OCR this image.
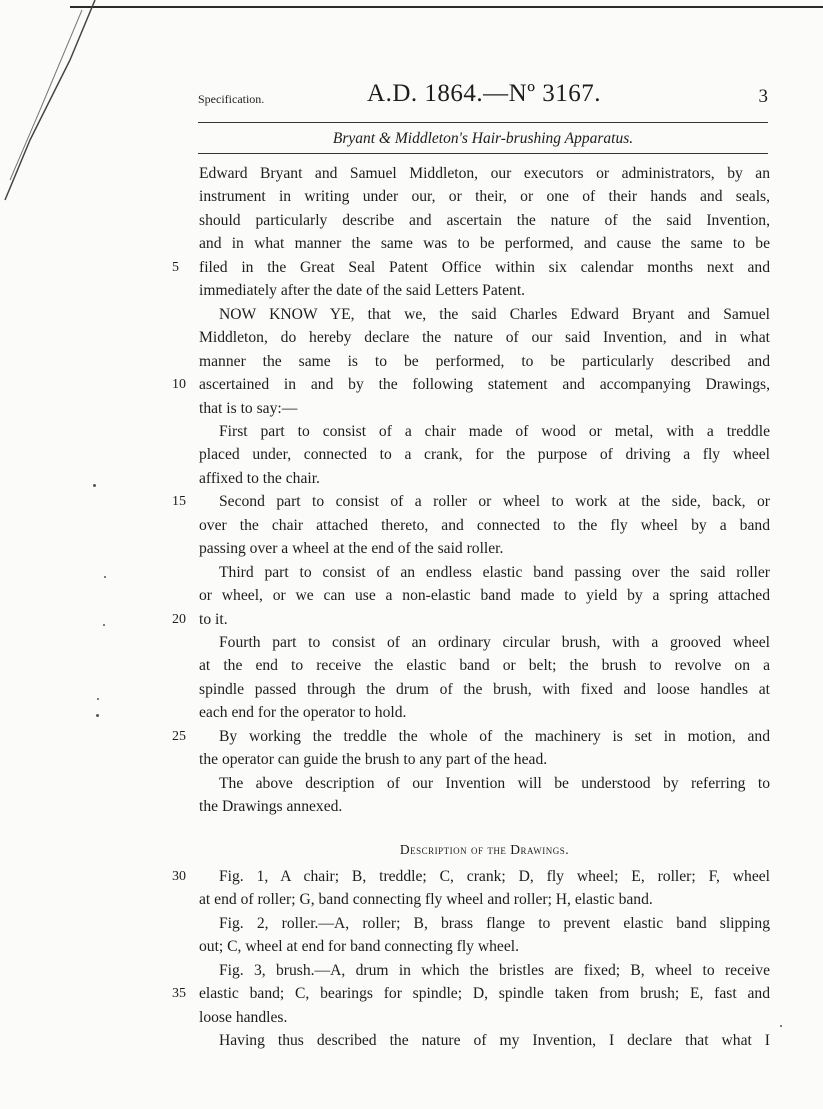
Specification.	A.D. 1864.—Nº 3167.	3
Bryant & Middleton's Hair-brushing Apparatus.
Edward Bryant and Samuel Middleton, our executors or administrators, by an
instrument in writing under our, or their, or one of their hands and seals,
should particularly describe and ascertain the nature of the said Invention,
and in what manner the same was to be performed, and cause the same to be
filed in the Great Seal Patent Office within six calendar months next and
5
immediately after the date of the said Letters Patent.
NOW KNOW YE, that we, the said Charles Edward Bryant and Samuel
Middleton, do hereby declare the nature of our said Invention, and in what
manner the same is to be performed, to be particularly described and
ascertained in and by the following statement and accompanying Drawings,
10
that is to say:—
First part to consist of a chair made of wood or metal, with a treddle
placed under, connected to a crank, for the purpose of driving a fly wheel
affixed to the chair.
Second part to consist of a roller or wheel to work at the side, back, or
15
over the chair attached thereto, and connected to the fly wheel by a band
passing over a wheel at the end of the said roller.
Third part to consist of an endless elastic band passing over the said roller
or wheel, or we can use a non-elastic band made to yield by a spring attached
to it.
20
Fourth part to consist of an ordinary circular brush, with a grooved wheel
at the end to receive the elastic band or belt; the brush to revolve on a
spindle passed through the drum of the brush, with fixed and loose handles at
each end for the operator to hold.
By working the treddle the whole of the machinery is set in motion, and
25
the operator can guide the brush to any part of the head.
The above description of our Invention will be understood by referring to
the Drawings annexed.
Description of the Drawings.
Fig. 1, A chair; B, treddle; C, crank; D, fly wheel; E, roller; F, wheel
30
at end of roller; G, band connecting fly wheel and roller; H, elastic band.
Fig. 2, roller.—A, roller; B, brass flange to prevent elastic band slipping
out; C, wheel at end for band connecting fly wheel.
Fig. 3, brush.—A, drum in which the bristles are fixed; B, wheel to receive
elastic band; C, bearings for spindle; D, spindle taken from brush; E, fast and
35
loose handles.
Having thus described the nature of my Invention, I declare that what I
